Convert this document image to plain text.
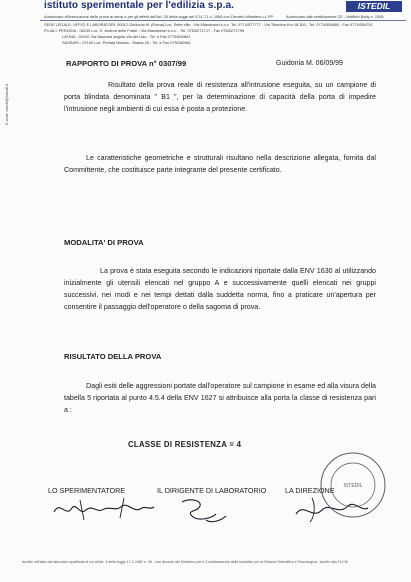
istituto sperimentale per l'edilizia s.p.a.	ISTEDIL
Autorizzato all'esecuzione delle prove ai sensi e per gli effetti dell'Art. 20 della legge del 5-11-71 n. 1086 con Decreto Ministero LL.PP.	Autorizzato alla certificazione CE - Notified Body n. 1555
SEDE LEGALE: UFFICI E LABORATORI: 00012 Guidonia M. (Roma) Loc. Sette ville - Via Maestranzi s.n.c. Tel. 0774/577777 - Via Tiburtina Km 18,300 - Tel. 0774/354880 - Fax 0774/354792
FILIALI: PERUGIA - 06100 Loc. S. Andrea delle Fratte - Via Maestranzi s.n.c. - Tel. 075/5271717 - Fax 075/5271799
LATINA - 04100 Via Nascosa angolo Via del Lido - Tel. e Fax 0773/600661
SASSARI - 07100 Loc. Predda Niedda - Strada 25 - Tel. e Fax 079/260661
E-mail: istedil@istedil.it
RAPPORTO DI PROVA n° 0307/99	Guidonia M. 06/09/99
Risultato della prova reale di resistenza all'intrusione eseguita, su un campione di porta blindata denominata " B1 ", per la determinazione di capacità della porta di impedire l'intrusione negli ambienti di cui essa è posta a protezione.
Le caratteristiche geometriche e strutturali risultano nella descrizione allegata, fornita dal Committente, che costituisce parte integrante del presente certificato.
MODALITA' DI PROVA
La prova è stata eseguita secondo le indicazioni riportate dalla ENV 1630 al utilizzando inizialmente gli utensili elencati nel gruppo A e successivamente quelli elencati nei gruppi successivi, nei modi e nei tempi dettati dalla suddetta norma, fino a praticare un'apertura per consentire il passaggio dell'operatore o della sagoma di prova.
RISULTATO DELLA PROVA
Dagli esiti delle aggressioni portate dall'operatore sul campione in esame ed alla visura della tabella 5 riportata al punto 4.5.4 della ENV 1627 si attribuisce alla porta la classe di resistenza pari a :
CLASSE DI RESISTENZA = 4
LO SPERIMENTATORE	IL DIRIGENTE DI LABORATORIO	LA DIREZIONE ISTEDIL
Iscritto nell'albo dei laboratori qualificati di cui all'art. 4 della legge 17-2-1982 n. 46 - con decreto del Ministero per il Coordinamento delle Iniziative per la Ricerca Scientifica e Tecnologica - iscritto alla FLCM
